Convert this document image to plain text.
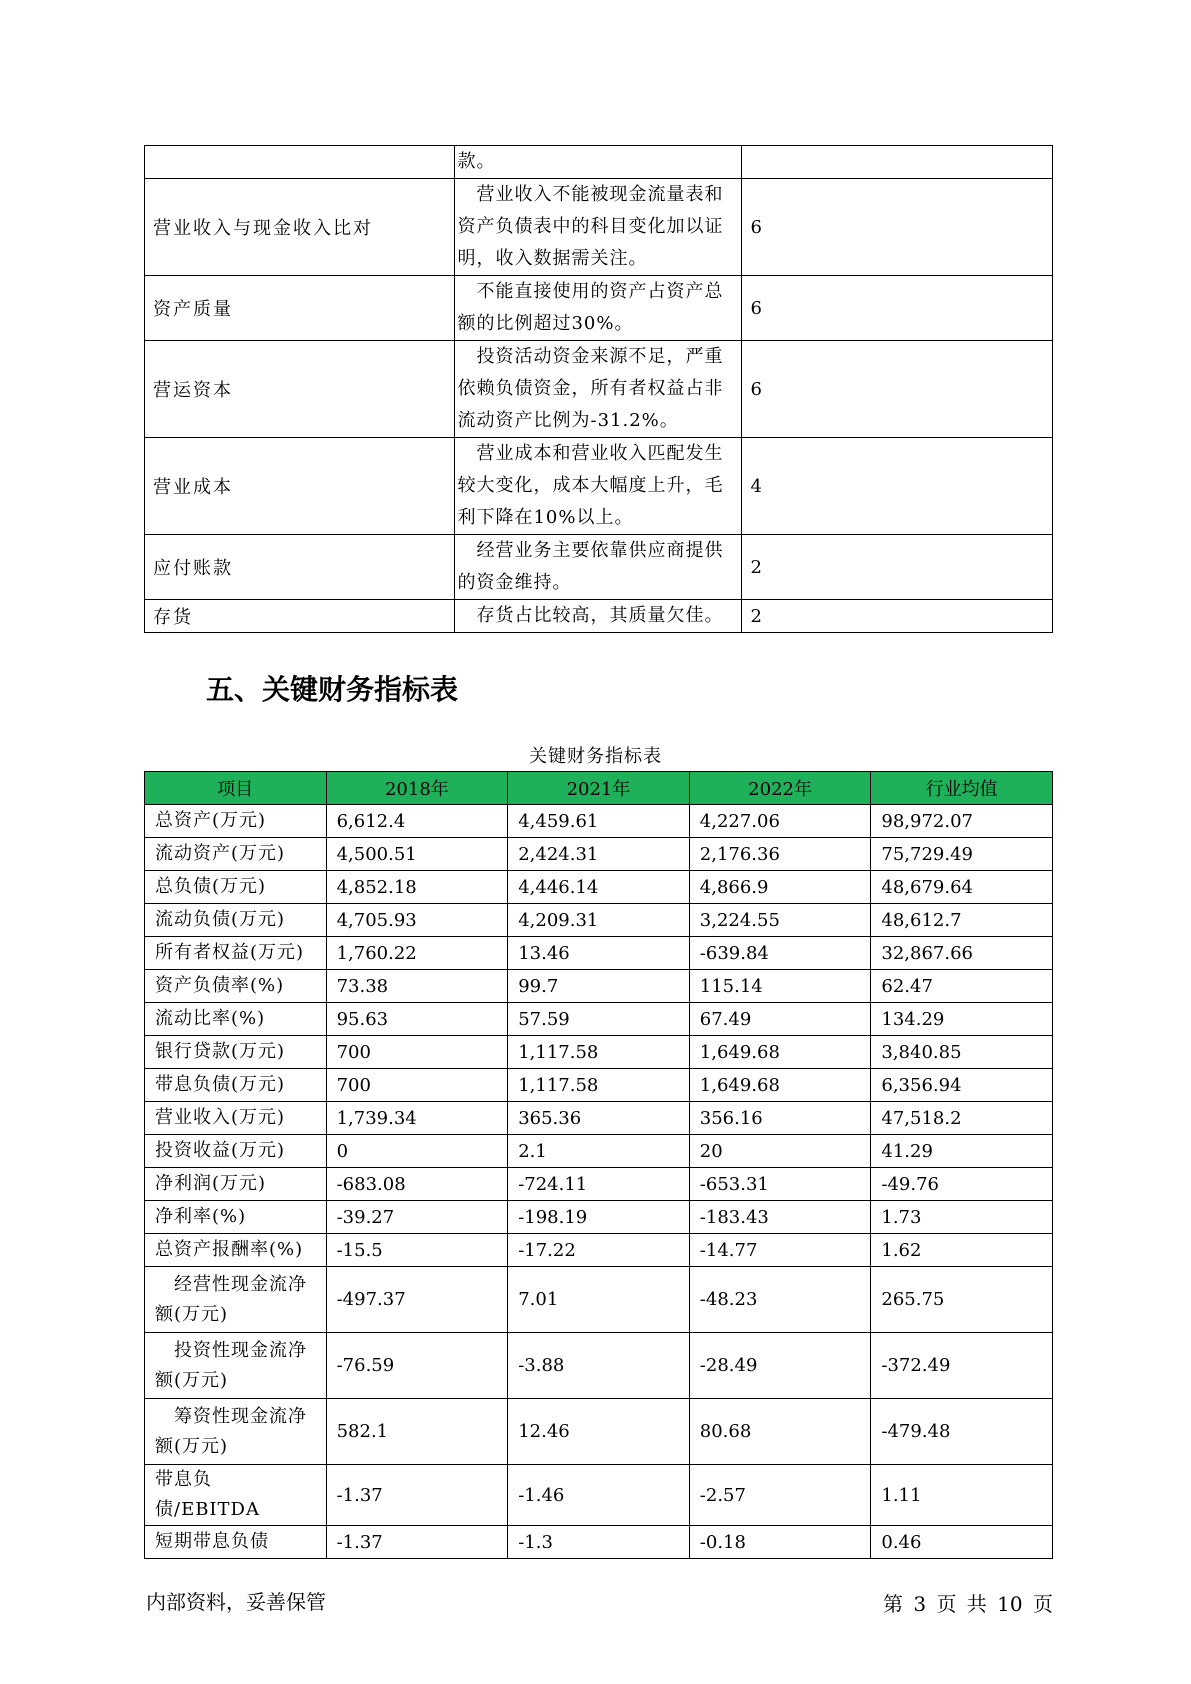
	款。	
营业收入与现金收入比对	　营业收入不能被现金流量表和资产负债表中的科目变化加以证明，收入数据需关注。	6
资产质量	　不能直接使用的资产占资产总额的比例超过30%。	6
营运资本	　投资活动资金来源不足，严重依赖负债资金，所有者权益占非流动资产比例为-31.2%。	6
营业成本	　营业成本和营业收入匹配发生较大变化，成本大幅度上升，毛利下降在10%以上。	4
应付账款	　经营业务主要依靠供应商提供的资金维持。	2
存货	　存货占比较高，其质量欠佳。	2
五、关键财务指标表
关键财务指标表
项目	2018年	2021年	2022年	行业均值
总资产(万元)	6,612.4	4,459.61	4,227.06	98,972.07
流动资产(万元)	4,500.51	2,424.31	2,176.36	75,729.49
总负债(万元)	4,852.18	4,446.14	4,866.9	48,679.64
流动负债(万元)	4,705.93	4,209.31	3,224.55	48,612.7
所有者权益(万元)	1,760.22	13.46	-639.84	32,867.66
资产负债率(%)	73.38	99.7	115.14	62.47
流动比率(%)	95.63	57.59	67.49	134.29
银行贷款(万元)	700	1,117.58	1,649.68	3,840.85
带息负债(万元)	700	1,117.58	1,649.68	6,356.94
营业收入(万元)	1,739.34	365.36	356.16	47,518.2
投资收益(万元)	0	2.1	20	41.29
净利润(万元)	-683.08	-724.11	-653.31	-49.76
净利率(%)	-39.27	-198.19	-183.43	1.73
总资产报酬率(%)	-15.5	-17.22	-14.77	1.62
　经营性现金流净额(万元)	-497.37	7.01	-48.23	265.75
　投资性现金流净额(万元)	-76.59	-3.88	-28.49	-372.49
　筹资性现金流净额(万元)	582.1	12.46	80.68	-479.48
带息负债/EBITDA	-1.37	-1.46	-2.57	1.11
短期带息负债	-1.37	-1.3	-0.18	0.46
内部资料，妥善保管	第 3 页 共 10 页
